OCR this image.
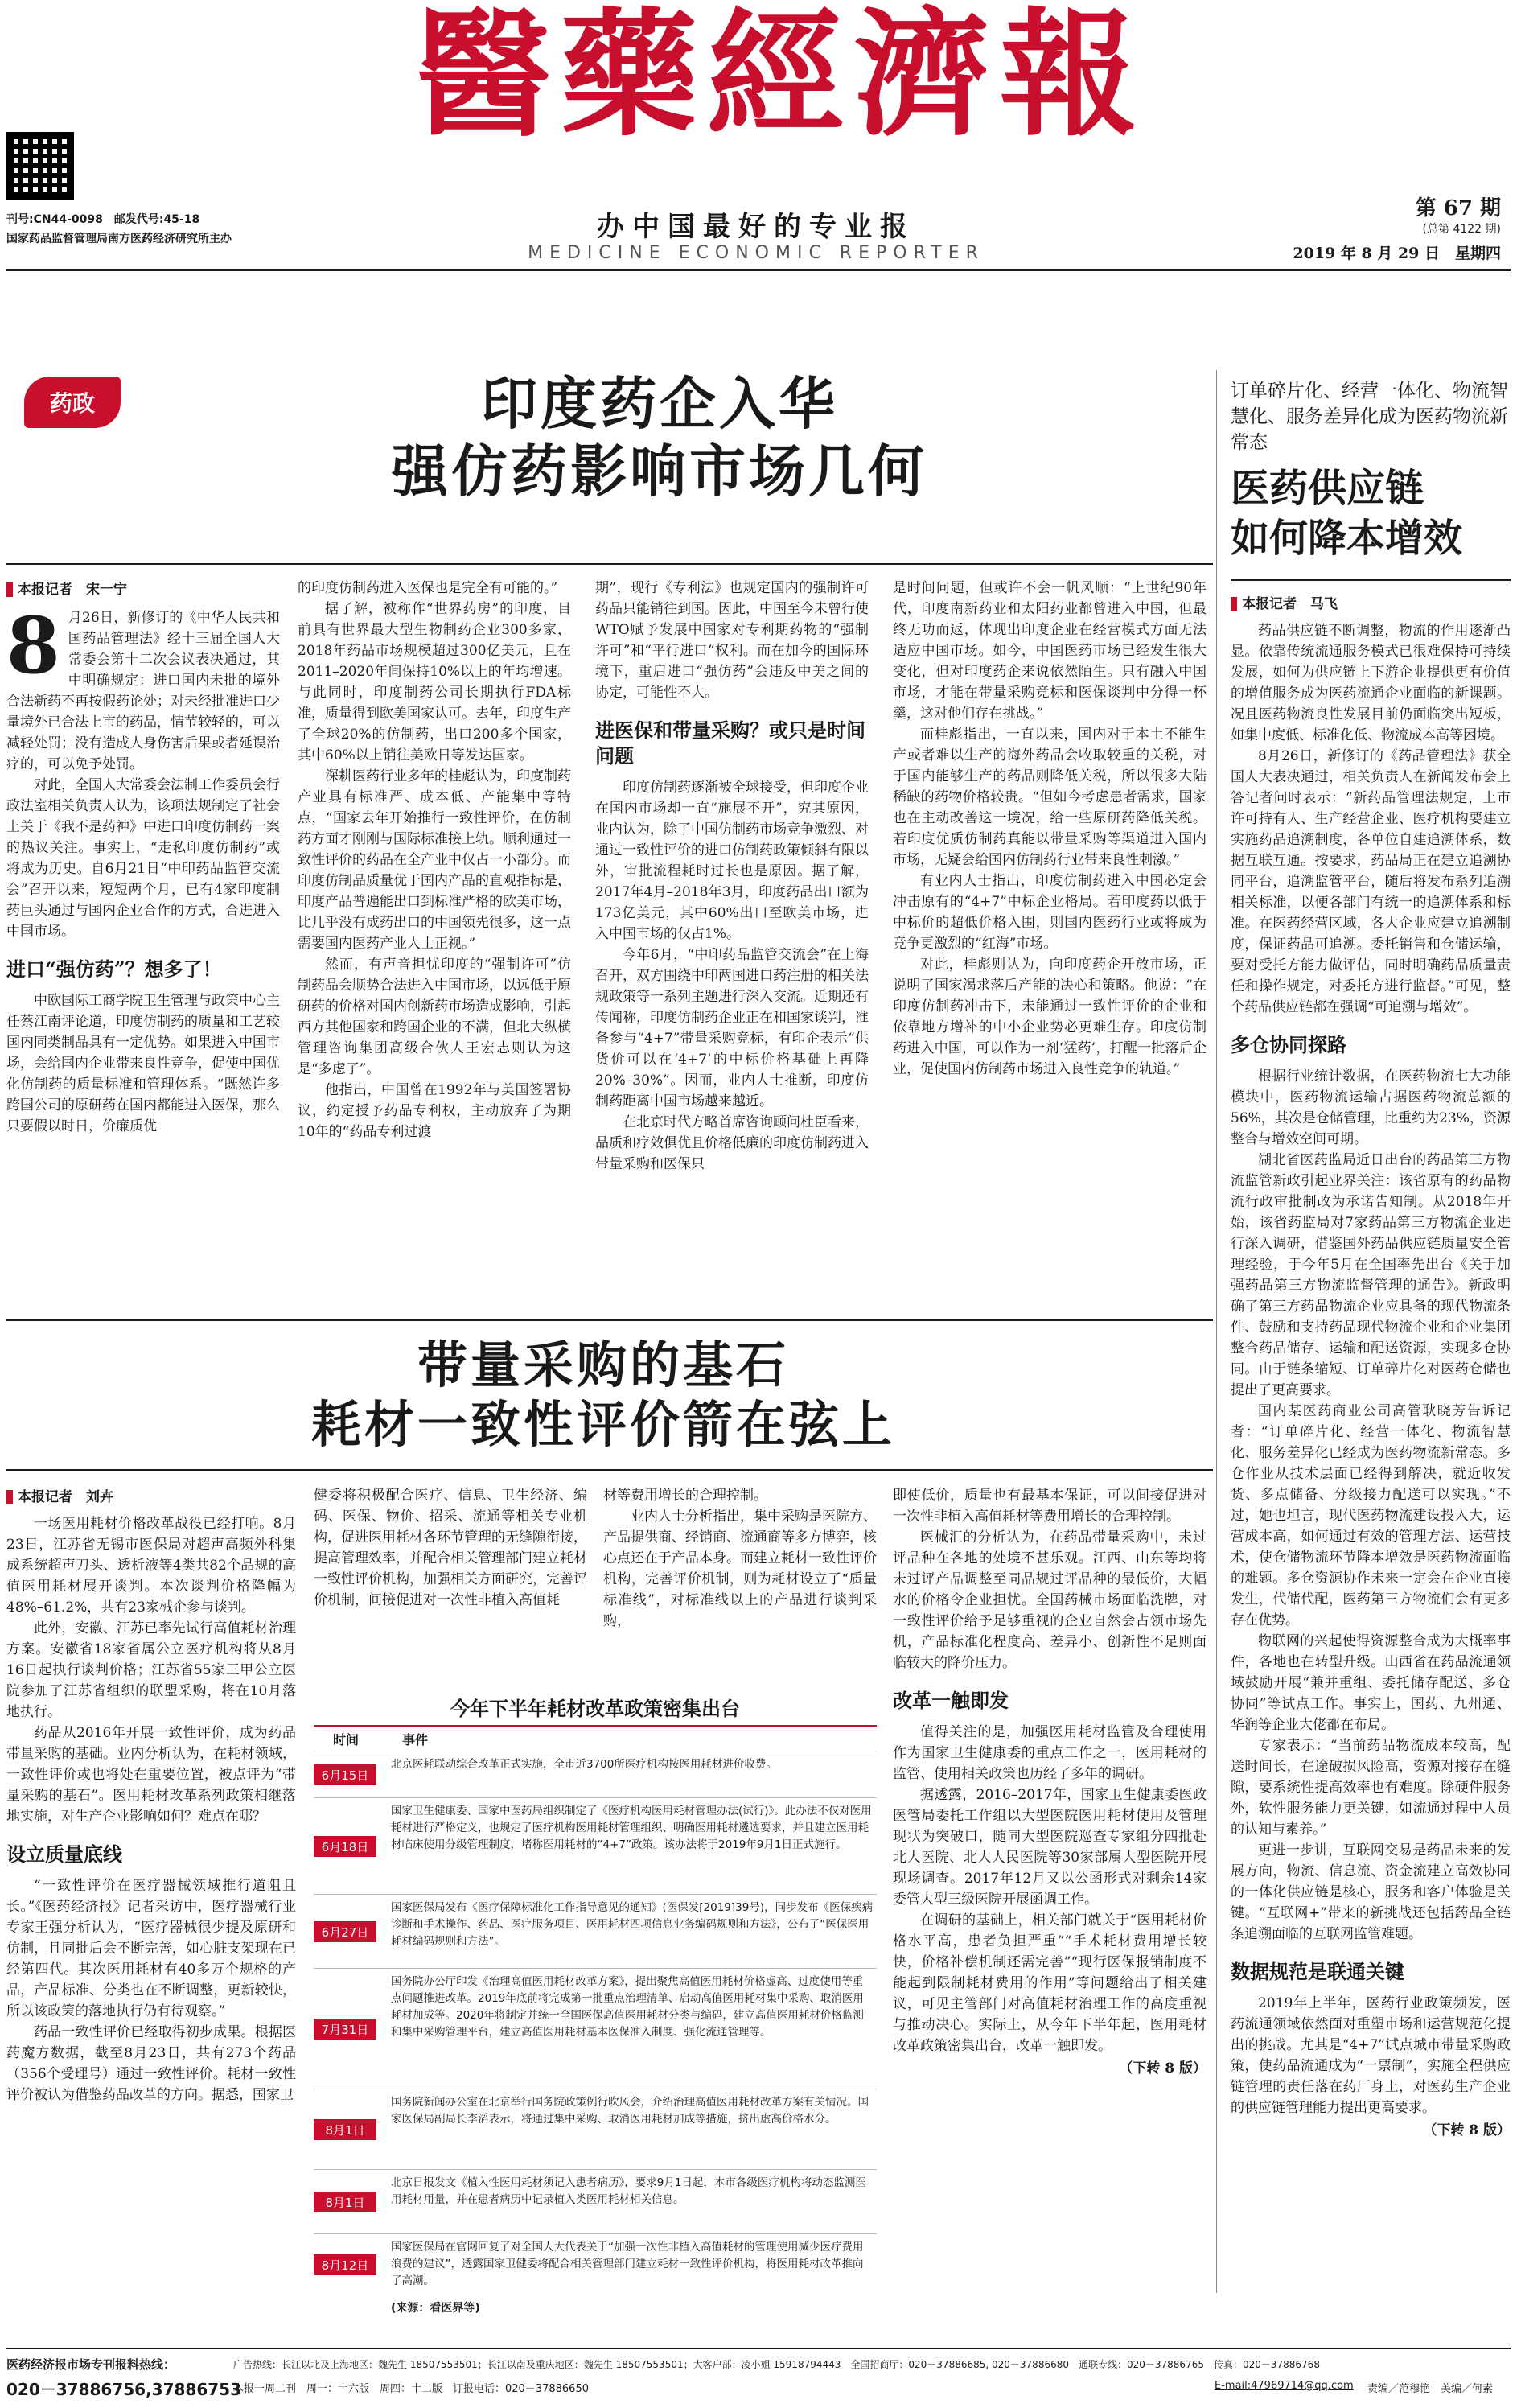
刊号:CN44-0098　邮发代号:45-18
国家药品监督管理局南方医药经济研究所主办
醫藥經濟報
办中国最好的专业报
MEDICINE ECONOMIC REPORTER
第 67 期
(总第 4122 期)
2019 年 8 月 29 日　星期四
药政	印度药企入华
强仿药影响市场几何
本报记者　宋一宁
8 月26日，新修订的《中华人民共和国药品管理法》经十三届全国人大常委会第十二次会议表决通过，其中明确规定：进口国内未批的境外合法新药不再按假药论处；对未经批准进口少量境外已合法上市的药品，情节较轻的，可以减轻处罚；没有造成人身伤害后果或者延误治疗的，可以免予处罚。

对此，全国人大常委会法制工作委员会行政法室相关负责人认为，该项法规制定了社会上关于《我不是药神》中进口印度仿制药一案的热议关注。事实上，“走私印度仿制药”或将成为历史。自6月21日“中印药品监管交流会”召开以来，短短两个月，已有4家印度制药巨头通过与国内企业合作的方式，合进进入中国市场。

进口“强仿药”？想多了！

中欧国际工商学院卫生管理与政策中心主任蔡江南评论道，印度仿制药的质量和工艺较国内同类制品具有一定优势。如果进入中国市场，会给国内企业带来良性竞争，促使中国优化仿制药的质量标准和管理体系。“既然许多跨国公司的原研药在国内都能进入医保，那么只要假以时日，价廉质优

的印度仿制药进入医保也是完全有可能的。”

据了解，被称作“世界药房”的印度，目前具有世界最大型生物制药企业300多家，2018年药品市场规模超过300亿美元，且在2011–2020年间保持10%以上的年均增速。与此同时，印度制药公司长期执行FDA标准，质量得到欧美国家认可。去年，印度生产了全球20%的仿制药，出口200多个国家，其中60%以上销往美欧日等发达国家。

深耕医药行业多年的桂彪认为，印度制药产业具有标准严、成本低、产能集中等特点，“国家去年开始推行一致性评价，在仿制药方面才刚刚与国际标准接上轨。顺利通过一致性评价的药品在全产业中仅占一小部分。而印度仿制品质量优于国内产品的直观指标是，印度产品普遍能出口到标准严格的欧美市场，比几乎没有成药出口的中国领先很多，这一点需要国内医药产业人士正视。”

然而，有声音担忧印度的“强制许可”仿制药品会顺势合法进入中国市场，以远低于原研药的价格对国内创新药市场造成影响，引起西方其他国家和跨国企业的不满，但北大纵横管理咨询集团高级合伙人王宏志则认为这是“多虑了”。

他指出，中国曾在1992年与美国签署协议，约定授予药品专利权，主动放弃了为期10年的“药品专利过渡

期”，现行《专利法》也规定国内的强制许可药品只能销往到国。因此，中国至今未曾行使WTO赋予发展中国家对专利期药物的“强制许可”和“平行进口”权利。而在加今的国际环境下，重启进口“强仿药”会违反中美之间的协定，可能性不大。

进医保和带量采购？或只是时间问题

印度仿制药逐渐被全球接受，但印度企业在国内市场却一直“施展不开”，究其原因，业内认为，除了中国仿制药市场竞争激烈、对通过一致性评价的进口仿制药政策倾斜有限以外，审批流程耗时过长也是原因。据了解，2017年4月–2018年3月，印度药品出口额为173亿美元，其中60%出口至欧美市场，进入中国市场的仅占1%。

今年6月，“中印药品监管交流会”在上海召开，双方围绕中印两国进口药注册的相关法规政策等一系列主题进行深入交流。近期还有传闻称，印度仿制药企业正在和国家谈判，准备参与“4+7”带量采购竞标，有印企表示“供货价可以在‘4+7’的中标价格基础上再降20%–30%”。因而，业内人士推断，印度仿制药距离中国市场越来越近。

在北京时代方略首席咨询顾问杜臣看来，品质和疗效俱优且价格低廉的印度仿制药进入带量采购和医保只

是时间问题，但或许不会一帆风顺：“上世纪90年代，印度南新药业和太阳药业都曾进入中国，但最终无功而返，体现出印度企业在经营模式方面无法适应中国市场。如今，中国医药市场已经发生很大变化，但对印度药企来说依然陌生。只有融入中国市场，才能在带量采购竞标和医保谈判中分得一杯羹，这对他们存在挑战。”

而桂彪指出，一直以来，国内对于本土不能生产或者难以生产的海外药品会收取较重的关税，对于国内能够生产的药品则降低关税，所以很多大陆稀缺的药物价格较贵。“但如今考虑患者需求，国家也在主动改善这一境况，给一些原研药降低关税。若印度优质仿制药真能以带量采购等渠道进入国内市场，无疑会给国内仿制药行业带来良性刺激。”

有业内人士指出，印度仿制药进入中国必定会冲击原有的“4+7”中标企业格局。若印度药以低于中标价的超低价格入围，则国内医药行业或将成为竞争更激烈的“红海”市场。

对此，桂彪则认为，向印度药企开放市场，正说明了国家渴求落后产能的决心和策略。他说：“在印度仿制药冲击下，未能通过一致性评价的企业和依靠地方增补的中小企业势必更难生存。印度仿制药进入中国，可以作为一剂‘猛药’，打醒一批落后企业，促使国内仿制药市场进入良性竞争的轨道。”

订单碎片化、经营一体化、物流智慧化、服务差异化成为医药物流新常态
医药供应链
如何降本增效
本报记者　马飞

药品供应链不断调整，物流的作用逐渐凸显。依靠传统流通服务模式已很难保持可持续发展，如何为供应链上下游企业提供更有价值的增值服务成为医药流通企业面临的新课题。况且医药物流良性发展目前仍面临突出短板，如集中度低、标准化低、物流成本高等困境。

8月26日，新修订的《药品管理法》获全国人大表决通过，相关负责人在新闻发布会上答记者问时表示：“新药品管理法规定，上市许可持有人、生产经营企业、医疗机构要建立实施药品追溯制度，各单位自建追溯体系，数据互联互通。按要求，药品局正在建立追溯协同平台，追溯监管平台，随后将发布系列追溯相关标准，以便各部门有统一的追溯体系和标准。在医药经营区域，各大企业应建立追溯制度，保证药品可追溯。委托销售和仓储运输，要对受托方能力做评估，同时明确药品质量责任和操作规定，对委托方进行监督。”可见，整个药品供应链都在强调“可追溯与增效”。

多仓协同探路

根据行业统计数据，在医药物流七大功能模块中，医药物流运输占据医药物流总额的56%，其次是仓储管理，比重约为23%，资源整合与增效空间可期。

湖北省医药监局近日出台的药品第三方物流监管新政引起业界关注：该省原有的药品物流行政审批制改为承诺告知制。从2018年开始，该省药监局对7家药品第三方物流企业进行深入调研，借鉴国外药品供应链质量安全管理经验，于今年5月在全国率先出台《关于加强药品第三方物流监督管理的通告》。新政明确了第三方药品物流企业应具备的现代物流条件、鼓励和支持药品现代物流企业和企业集团整合药品储存、运输和配送资源，实现多仓协同。由于链条缩短、订单碎片化对医药仓储也提出了更高要求。

国内某医药商业公司高管耿晓芳告诉记者：“订单碎片化、经营一体化、物流智慧化、服务差异化已经成为医药物流新常态。多仓作业从技术层面已经得到解决，就近收发货、多点储备、分级接力配送可以实现。”不过，她也坦言，现代医药物流建设投入大，运营成本高，如何通过有效的管理方法、运营技术，使仓储物流环节降本增效是医药物流面临的难题。多仓资源协作未来一定会在企业直接发生，代储代配，医药第三方物流们会有更多存在优势。

物联网的兴起使得资源整合成为大概率事件，各地也在转型升级。山西省在药品流通领域鼓励开展“兼并重组、委托储存配送、多仓协同”等试点工作。事实上，国药、九州通、华润等企业大佬都在布局。

专家表示：“当前药品物流成本较高，配送时间长，在途破损风险高，资源对接存在缝隙，要系统性提高效率也有难度。除硬件服务外，软性服务能力更关键，如流通过程中人员的认知与素养。”

更进一步讲，互联网交易是药品未来的发展方向，物流、信息流、资金流建立高效协同的一体化供应链是核心，服务和客户体验是关键。“互联网+”带来的新挑战还包括药品全链条追溯面临的互联网监管难题。

数据规范是联通关键

2019年上半年，医药行业政策频发，医药流通领域依然面对重塑市场和运营规范化提出的挑战。尤其是“4+7”试点城市带量采购政策，使药品流通成为“一票制”，实施全程供应链管理的责任落在药厂身上，对医药生产企业的供应链管理能力提出更高要求。

（下转 8 版）
带量采购的基石
耗材一致性评价箭在弦上
本报记者　刘卉

一场医用耗材价格改革战役已经打响。8月23日，江苏省无锡市医保局对超声高频外科集成系统超声刀头、透析液等4类共82个品规的高值医用耗材展开谈判。本次谈判价格降幅为48%–61.2%，共有23家械企参与谈判。

此外，安徽、江苏已率先试行高值耗材治理方案。安徽省18家省属公立医疗机构将从8月16日起执行谈判价格；江苏省55家三甲公立医院参加了江苏省组织的联盟采购，将在10月落地执行。

药品从2016年开展一致性评价，成为药品带量采购的基础。业内分析认为，在耗材领域，一致性评价或也将处在重要位置，被点评为“带量采购的基石”。医用耗材改革系列政策相继落地实施，对生产企业影响如何？难点在哪？

设立质量底线

“一致性评价在医疗器械领域推行道阻且长。”《医药经济报》记者采访中，医疗器械行业专家王强分析认为，“医疗器械很少提及原研和仿制，且同批后会不断完善，如心脏支架现在已经第四代。其次医用耗材有40多万个规格的产品，产品标准、分类也在不断调整，更新较快，所以该政策的落地执行仍有待观察。”

药品一致性评价已经取得初步成果。根据医药魔方数据，截至8月23日，共有273个药品（356个受理号）通过一致性评价。耗材一致性评价被认为借鉴药品改革的方向。据悉，国家卫

健委将积极配合医疗、信息、卫生经济、编码、医保、物价、招采、流通等相关专业机构，促进医用耗材各环节管理的无缝隙衔接，提高管理效率，并配合相关管理部门建立耗材一致性评价机构，加强相关方面研究，完善评价机制，间接促进对一次性非植入高值耗

材等费用增长的合理控制。

业内人士分析指出，集中采购是医院方、产品提供商、经销商、流通商等多方博弈，核心点还在于产品本身。而建立耗材一致性评价机构，完善评价机制，则为耗材设立了“质量标准线”，对标准线以上的产品进行谈判采购，

今年下半年耗材改革政策密集出台
时间	事件
6月15日
北京医耗联动综合改革正式实施，全市近3700所医疗机构按医用耗材进价收费。
6月18日
国家卫生健康委、国家中医药局组织制定了《医疗机构医用耗材管理办法(试行)》。此办法不仅对医用耗材进行严格定义，也规定了医疗机构医用耗材管理组织、明确医用耗材遴选要求，并且建立医用耗材临床使用分级管理制度，堵称医用耗材的“4+7”政策。该办法将于2019年9月1日正式施行。
6月27日
国家医保局发布《医疗保障标准化工作指导意见的通知》(医保发[2019]39号)，同步发布《医保疾病诊断和手术操作、药品、医疗服务项目、医用耗材四项信息业务编码规则和方法》，公布了“医保医用耗材编码规则和方法”。
7月31日
国务院办公厅印发《治理高值医用耗材改革方案》，提出聚焦高值医用耗材价格虚高、过度使用等重点问题推进改革。2019年底前将完成第一批重点治理清单、启动高值医用耗材集中采购、取消医用耗材加成等。2020年将制定并统一全国医保高值医用耗材分类与编码，建立高值医用耗材价格监测和集中采购管理平台，建立高值医用耗材基本医保准入制度、强化流通管理等。
8月1日
国务院新闻办公室在北京举行国务院政策例行吹风会，介绍治理高值医用耗材改革方案有关情况。国家医保局副局长李滔表示，将通过集中采购、取消医用耗材加成等措施，挤出虚高价格水分。
8月1日
北京日报发文《植入性医用耗材须记入患者病历》，要求9月1日起，本市各级医疗机构将动态监测医用耗材用量，并在患者病历中记录植入类医用耗材相关信息。
8月12日
国家医保局在官网回复了对全国人大代表关于“加强一次性非植入高值耗材的管理使用减少医疗费用浪费的建议”，透露国家卫健委将配合相关管理部门建立耗材一致性评价机构，将医用耗材改革推向了高潮。
(来源：看医界等)

即使低价，质量也有最基本保证，可以间接促进对一次性非植入高值耗材等费用增长的合理控制。

医械汇的分析认为，在药品带量采购中，未过评品种在各地的处境不甚乐观。江西、山东等均将未过评产品调整至同品规过评品种的最低价，大幅水的价格令企业担忧。全国药械市场面临洗牌，对一致性评价给予足够重视的企业自然会占领市场先机，产品标准化程度高、差异小、创新性不足则面临较大的降价压力。

改革一触即发

值得关注的是，加强医用耗材监管及合理使用作为国家卫生健康委的重点工作之一，医用耗材的监管、使用相关政策也历经了多年的调研。

据透露，2016–2017年，国家卫生健康委医政医管局委托工作组以大型医院医用耗材使用及管理现状为突破口，随同大型医院巡查专家组分四批赴北大医院、北大人民医院等30家部属大型医院开展现场调查。2017年12月又以公函形式对剩余14家委管大型三级医院开展函调工作。

在调研的基础上，相关部门就关于“医用耗材价格水平高，患者负担严重”“手术耗材费用增长较快，价格补偿机制还需完善”“现行医保报销制度不能起到限制耗材费用的作用”等问题给出了相关建议，可见主管部门对高值耗材治理工作的高度重视与推动决心。实际上，从今年下半年起，医用耗材改革政策密集出台，改革一触即发。

（下转 8 版）
医药经济报市场专刊报料热线：
020－37886756,37886753
广告热线：长江以北及上海地区：魏先生 18507553501；长江以南及重庆地区：魏先生 18507553501；大客户部：凌小姐 15918794443　全国招商厅：020－37886685, 020－37886680　通联专线：020－37886765　传真：020－37886768
本报一周二刊　周一：十六版　周四：十二版　订报电话：020－37886650	E-mail:47969714@qq.com 责编／范穆艳　美编／何素
